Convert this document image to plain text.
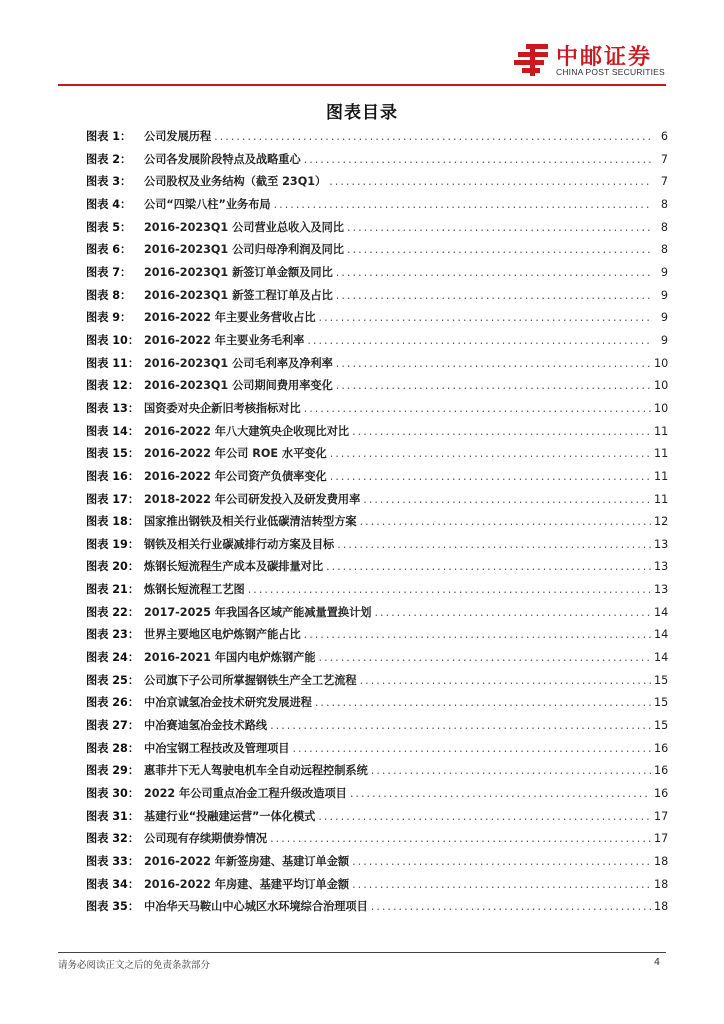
中邮证券
CHINA POST SECURITIES
图表目录
图表 1：	公司发展历程 .....	6
图表 2：	公司各发展阶段特点及战略重心 .....	7
图表 3：	公司股权及业务结构（截至 23Q1） .....	7
图表 4：	公司“四梁八柱”业务布局 .....	8
图表 5：	2016-2023Q1 公司营业总收入及同比 .....	8
图表 6：	2016-2023Q1 公司归母净利润及同比 .....	8
图表 7：	2016-2023Q1 新签订单金额及同比 .....	9
图表 8：	2016-2023Q1 新签工程订单及占比 .....	9
图表 9：	2016-2022 年主要业务营收占比 .....	9
图表 10： 2016-2022 年主要业务毛利率 .....	9
图表 11： 2016-2023Q1 公司毛利率及净利率 .....	10
图表 12： 2016-2023Q1 公司期间费用率变化 .....	10
图表 13： 国资委对央企新旧考核指标对比 .....	10
图表 14： 2016-2022 年八大建筑央企收现比对比 .....	11
图表 15： 2016-2022 年公司 ROE 水平变化 .....	11
图表 16： 2016-2022 年公司资产负债率变化 .....	11
图表 17： 2018-2022 年公司研发投入及研发费用率 .....	11
图表 18： 国家推出钢铁及相关行业低碳清洁转型方案 .....	12
图表 19： 钢铁及相关行业碳减排行动方案及目标 .....	13
图表 20： 炼钢长短流程生产成本及碳排量对比 .....	13
图表 21： 炼钢长短流程工艺图 .....	13
图表 22： 2017-2025 年我国各区域产能减量置换计划 .....	14
图表 23： 世界主要地区电炉炼钢产能占比 .....	14
图表 24： 2016-2021 年国内电炉炼钢产能 .....	14
图表 25： 公司旗下子公司所掌握钢铁生产全工艺流程 .....	15
图表 26： 中冶京诚氢冶金技术研究发展进程 .....	15
图表 27： 中冶赛迪氢冶金技术路线 .....	15
图表 28： 中冶宝钢工程技改及管理项目 .....	16
图表 29： 惠菲井下无人驾驶电机车全自动远程控制系统 .....	16
图表 30： 2022 年公司重点冶金工程升级改造项目 .....	16
图表 31： 基建行业“投融建运营”一体化模式 .....	17
图表 32： 公司现有存续期债券情况 .....	17
图表 33： 2016-2022 年新签房建、基建订单金额 .....	18
图表 34： 2016-2022 年房建、基建平均订单金额 .....	18
图表 35： 中冶华天马鞍山中心城区水环境综合治理项目 .....	18
请务必阅读正文之后的免责条款部分	4
